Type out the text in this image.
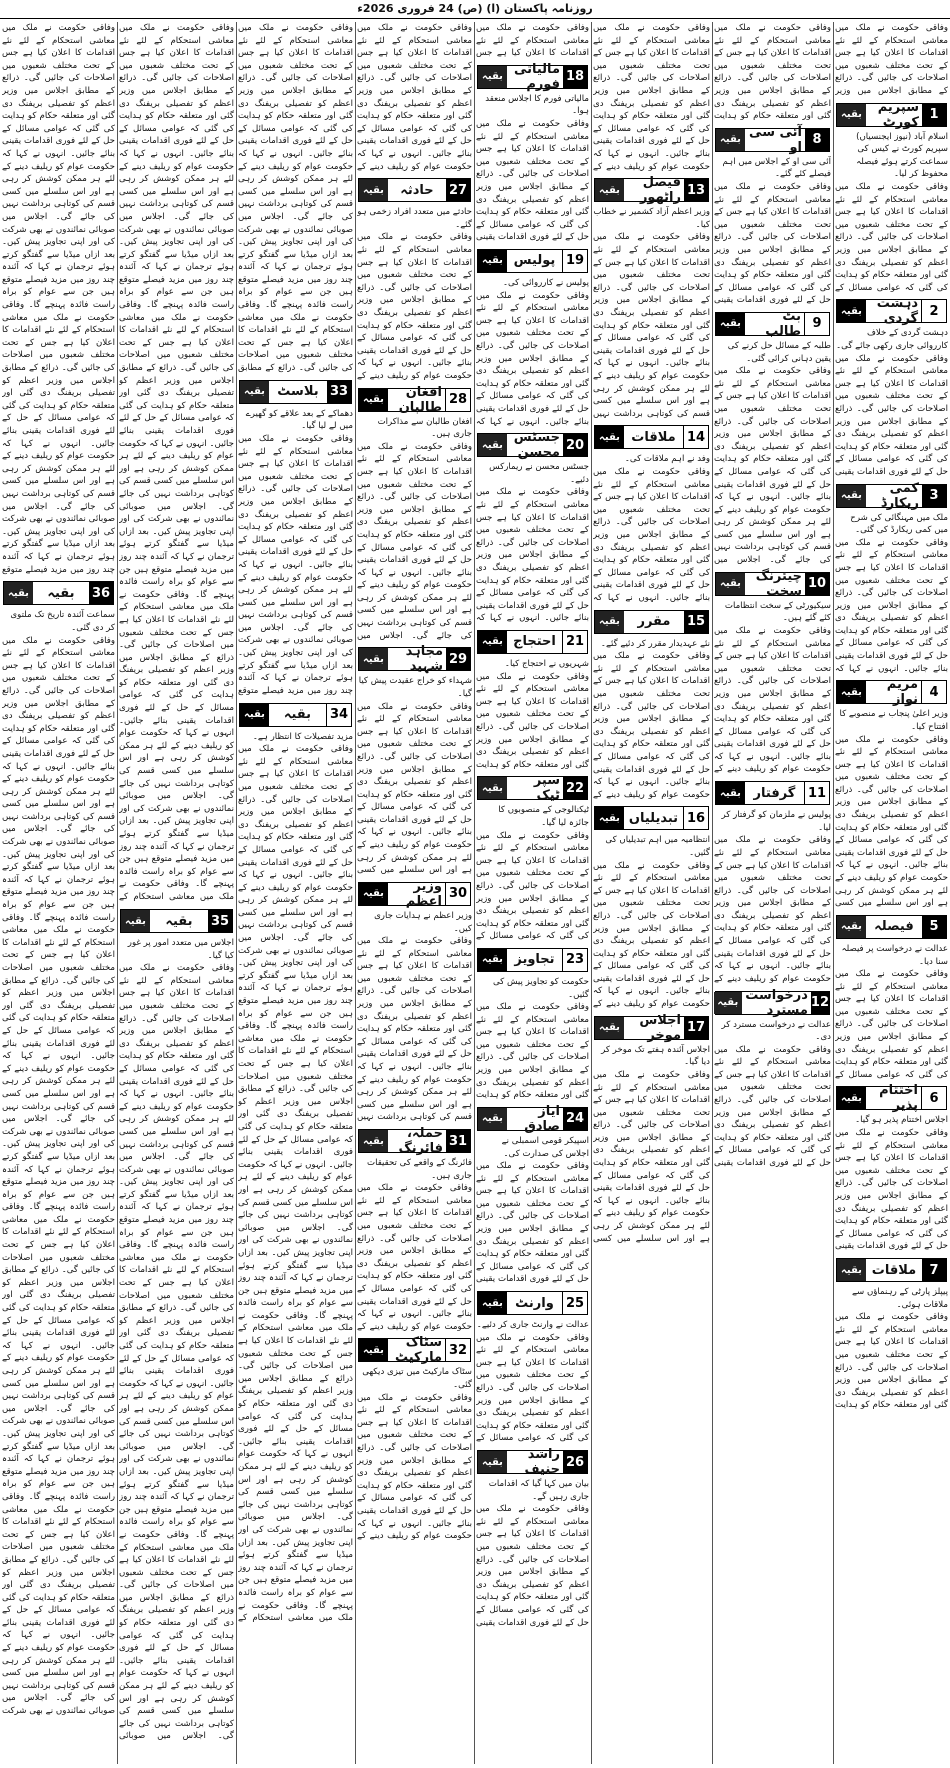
روزنامہ پاکستان (ا) (ص) 24 فروری 2026ء

وفاقی حکومت نے ملک میں معاشی استحکام کے لئے نئے اقدامات کا اعلان کیا ہے جس کے تحت مختلف شعبوں میں اصلاحات کی جائیں گی۔ ذرائع کے مطابق اجلاس میں وزیر

1
سپریم کورٹ
بقیہ

اسلام آباد (نیوز ایجنسیاں) سپریم کورٹ نے کیس کی سماعت کرتے ہوئے فیصلہ محفوظ کر لیا۔

وفاقی حکومت نے ملک میں معاشی استحکام کے لئے نئے اقدامات کا اعلان کیا ہے جس کے تحت مختلف شعبوں میں اصلاحات کی جائیں گی۔ ذرائع کے مطابق اجلاس میں وزیر اعظم کو تفصیلی بریفنگ دی گئی اور متعلقہ حکام کو ہدایت کی گئی کہ عوامی مسائل کے

2
دہشت گردی
بقیہ

دہشت گردی کے خلاف کارروائی جاری رکھی جائے گی۔

وفاقی حکومت نے ملک میں معاشی استحکام کے لئے نئے اقدامات کا اعلان کیا ہے جس کے تحت مختلف شعبوں میں اصلاحات کی جائیں گی۔ ذرائع کے مطابق اجلاس میں وزیر اعظم کو تفصیلی بریفنگ دی گئی اور متعلقہ حکام کو ہدایت کی گئی کہ عوامی مسائل کے حل کے لئے فوری اقدامات یقینی

3
کمی ریکارڈ
بقیہ

ملک میں مہنگائی کی شرح میں کمی ریکارڈ کی گئی۔

وفاقی حکومت نے ملک میں معاشی استحکام کے لئے نئے اقدامات کا اعلان کیا ہے جس کے تحت مختلف شعبوں میں اصلاحات کی جائیں گی۔ ذرائع کے مطابق اجلاس میں وزیر اعظم کو تفصیلی بریفنگ دی گئی اور متعلقہ حکام کو ہدایت کی گئی کہ عوامی مسائل کے حل کے لئے فوری اقدامات یقینی بنائے جائیں۔ انہوں نے کہا کہ

4
مریم نواز
بقیہ

وزیر اعلیٰ پنجاب نے منصوبے کا افتتاح کیا۔

وفاقی حکومت نے ملک میں معاشی استحکام کے لئے نئے اقدامات کا اعلان کیا ہے جس کے تحت مختلف شعبوں میں اصلاحات کی جائیں گی۔ ذرائع کے مطابق اجلاس میں وزیر اعظم کو تفصیلی بریفنگ دی گئی اور متعلقہ حکام کو ہدایت کی گئی کہ عوامی مسائل کے حل کے لئے فوری اقدامات یقینی بنائے جائیں۔ انہوں نے کہا کہ حکومت عوام کو ریلیف دینے کے لئے ہر ممکن کوشش کر رہی ہے اور اس سلسلے میں کسی

5
فیصلہ
بقیہ

عدالت نے درخواست پر فیصلہ سنا دیا۔

وفاقی حکومت نے ملک میں معاشی استحکام کے لئے نئے اقدامات کا اعلان کیا ہے جس کے تحت مختلف شعبوں میں اصلاحات کی جائیں گی۔ ذرائع کے مطابق اجلاس میں وزیر اعظم کو تفصیلی بریفنگ دی گئی اور متعلقہ حکام کو ہدایت کی گئی کہ عوامی مسائل کے

6
اختتام پذیر
بقیہ

اجلاس اختتام پذیر ہو گیا۔

وفاقی حکومت نے ملک میں معاشی استحکام کے لئے نئے اقدامات کا اعلان کیا ہے جس کے تحت مختلف شعبوں میں اصلاحات کی جائیں گی۔ ذرائع کے مطابق اجلاس میں وزیر اعظم کو تفصیلی بریفنگ دی گئی اور متعلقہ حکام کو ہدایت کی گئی کہ عوامی مسائل کے حل کے لئے فوری اقدامات یقینی

7
ملاقات
بقیہ

پیپلز پارٹی کے رہنماؤں سے ملاقات ہوئی۔

وفاقی حکومت نے ملک میں معاشی استحکام کے لئے نئے اقدامات کا اعلان کیا ہے جس کے تحت مختلف شعبوں میں اصلاحات کی جائیں گی۔ ذرائع کے مطابق اجلاس میں وزیر اعظم کو تفصیلی بریفنگ دی گئی اور متعلقہ حکام کو ہدایت

وفاقی حکومت نے ملک میں معاشی استحکام کے لئے نئے اقدامات کا اعلان کیا ہے جس کے تحت مختلف شعبوں میں اصلاحات کی جائیں گی۔ ذرائع کے مطابق اجلاس میں وزیر اعظم کو تفصیلی بریفنگ دی گئی اور متعلقہ حکام کو ہدایت

8
آئی سی او
بقیہ

آئی سی او کے اجلاس میں اہم فیصلے کئے گئے۔

وفاقی حکومت نے ملک میں معاشی استحکام کے لئے نئے اقدامات کا اعلان کیا ہے جس کے تحت مختلف شعبوں میں اصلاحات کی جائیں گی۔ ذرائع کے مطابق اجلاس میں وزیر اعظم کو تفصیلی بریفنگ دی گئی اور متعلقہ حکام کو ہدایت کی گئی کہ عوامی مسائل کے حل کے لئے فوری اقدامات یقینی

9
بٹ طالب
بقیہ

طلبہ کے مسائل حل کرنے کی یقین دہانی کرائی گئی۔

وفاقی حکومت نے ملک میں معاشی استحکام کے لئے نئے اقدامات کا اعلان کیا ہے جس کے تحت مختلف شعبوں میں اصلاحات کی جائیں گی۔ ذرائع کے مطابق اجلاس میں وزیر اعظم کو تفصیلی بریفنگ دی گئی اور متعلقہ حکام کو ہدایت کی گئی کہ عوامی مسائل کے حل کے لئے فوری اقدامات یقینی بنائے جائیں۔ انہوں نے کہا کہ حکومت عوام کو ریلیف دینے کے لئے ہر ممکن کوشش کر رہی ہے اور اس سلسلے میں کسی قسم کی کوتاہی برداشت نہیں کی جائے گی۔ اجلاس میں

10
چیئرنگ سخت
بقیہ

سیکیورٹی کے سخت انتظامات کئے گئے ہیں۔

وفاقی حکومت نے ملک میں معاشی استحکام کے لئے نئے اقدامات کا اعلان کیا ہے جس کے تحت مختلف شعبوں میں اصلاحات کی جائیں گی۔ ذرائع کے مطابق اجلاس میں وزیر اعظم کو تفصیلی بریفنگ دی گئی اور متعلقہ حکام کو ہدایت کی گئی کہ عوامی مسائل کے حل کے لئے فوری اقدامات یقینی بنائے جائیں۔ انہوں نے کہا کہ حکومت عوام کو ریلیف دینے کے

11
گرفتار
بقیہ

پولیس نے ملزمان کو گرفتار کر لیا۔

وفاقی حکومت نے ملک میں معاشی استحکام کے لئے نئے اقدامات کا اعلان کیا ہے جس کے تحت مختلف شعبوں میں اصلاحات کی جائیں گی۔ ذرائع کے مطابق اجلاس میں وزیر اعظم کو تفصیلی بریفنگ دی گئی اور متعلقہ حکام کو ہدایت کی گئی کہ عوامی مسائل کے حل کے لئے فوری اقدامات یقینی بنائے جائیں۔ انہوں نے کہا کہ حکومت عوام کو ریلیف دینے کے

12
درخواست مسترد
بقیہ

عدالت نے درخواست مسترد کر دی۔

وفاقی حکومت نے ملک میں معاشی استحکام کے لئے نئے اقدامات کا اعلان کیا ہے جس کے تحت مختلف شعبوں میں اصلاحات کی جائیں گی۔ ذرائع کے مطابق اجلاس میں وزیر اعظم کو تفصیلی بریفنگ دی گئی اور متعلقہ حکام کو ہدایت کی گئی کہ عوامی مسائل کے حل کے لئے فوری اقدامات یقینی

وفاقی حکومت نے ملک میں معاشی استحکام کے لئے نئے اقدامات کا اعلان کیا ہے جس کے تحت مختلف شعبوں میں اصلاحات کی جائیں گی۔ ذرائع کے مطابق اجلاس میں وزیر اعظم کو تفصیلی بریفنگ دی گئی اور متعلقہ حکام کو ہدایت کی گئی کہ عوامی مسائل کے حل کے لئے فوری اقدامات یقینی بنائے جائیں۔ انہوں نے کہا کہ حکومت عوام کو ریلیف دینے کے

13
فیصل راٹھور
بقیہ

وزیر اعظم آزاد کشمیر نے خطاب کیا۔

وفاقی حکومت نے ملک میں معاشی استحکام کے لئے نئے اقدامات کا اعلان کیا ہے جس کے تحت مختلف شعبوں میں اصلاحات کی جائیں گی۔ ذرائع کے مطابق اجلاس میں وزیر اعظم کو تفصیلی بریفنگ دی گئی اور متعلقہ حکام کو ہدایت کی گئی کہ عوامی مسائل کے حل کے لئے فوری اقدامات یقینی بنائے جائیں۔ انہوں نے کہا کہ حکومت عوام کو ریلیف دینے کے لئے ہر ممکن کوشش کر رہی ہے اور اس سلسلے میں کسی قسم کی کوتاہی برداشت نہیں

14
ملاقات
بقیہ

وفد نے اہم ملاقات کی۔

وفاقی حکومت نے ملک میں معاشی استحکام کے لئے نئے اقدامات کا اعلان کیا ہے جس کے تحت مختلف شعبوں میں اصلاحات کی جائیں گی۔ ذرائع کے مطابق اجلاس میں وزیر اعظم کو تفصیلی بریفنگ دی گئی اور متعلقہ حکام کو ہدایت کی گئی کہ عوامی مسائل کے حل کے لئے فوری اقدامات یقینی بنائے جائیں۔ انہوں نے کہا کہ

15
مقرر
بقیہ

نئے عہدیدار مقرر کر دئیے گئے۔

وفاقی حکومت نے ملک میں معاشی استحکام کے لئے نئے اقدامات کا اعلان کیا ہے جس کے تحت مختلف شعبوں میں اصلاحات کی جائیں گی۔ ذرائع کے مطابق اجلاس میں وزیر اعظم کو تفصیلی بریفنگ دی گئی اور متعلقہ حکام کو ہدایت کی گئی کہ عوامی مسائل کے حل کے لئے فوری اقدامات یقینی بنائے جائیں۔ انہوں نے کہا کہ حکومت عوام کو ریلیف دینے کے

16
تبدیلیاں
بقیہ

انتظامیہ میں اہم تبدیلیاں کی گئیں۔

وفاقی حکومت نے ملک میں معاشی استحکام کے لئے نئے اقدامات کا اعلان کیا ہے جس کے تحت مختلف شعبوں میں اصلاحات کی جائیں گی۔ ذرائع کے مطابق اجلاس میں وزیر اعظم کو تفصیلی بریفنگ دی گئی اور متعلقہ حکام کو ہدایت کی گئی کہ عوامی مسائل کے حل کے لئے فوری اقدامات یقینی بنائے جائیں۔ انہوں نے کہا کہ حکومت عوام کو ریلیف دینے کے

17
اجلاس موخر
بقیہ

اجلاس آئندہ ہفتے تک موخر کر دیا گیا۔

وفاقی حکومت نے ملک میں معاشی استحکام کے لئے نئے اقدامات کا اعلان کیا ہے جس کے تحت مختلف شعبوں میں اصلاحات کی جائیں گی۔ ذرائع کے مطابق اجلاس میں وزیر اعظم کو تفصیلی بریفنگ دی گئی اور متعلقہ حکام کو ہدایت کی گئی کہ عوامی مسائل کے حل کے لئے فوری اقدامات یقینی بنائے جائیں۔ انہوں نے کہا کہ حکومت عوام کو ریلیف دینے کے لئے ہر ممکن کوشش کر رہی ہے اور اس سلسلے میں کسی

وفاقی حکومت نے ملک میں معاشی استحکام کے لئے نئے اقدامات کا اعلان کیا ہے جس

18
مالیاتی فورم
بقیہ

مالیاتی فورم کا اجلاس منعقد ہوا۔

وفاقی حکومت نے ملک میں معاشی استحکام کے لئے نئے اقدامات کا اعلان کیا ہے جس کے تحت مختلف شعبوں میں اصلاحات کی جائیں گی۔ ذرائع کے مطابق اجلاس میں وزیر اعظم کو تفصیلی بریفنگ دی گئی اور متعلقہ حکام کو ہدایت کی گئی کہ عوامی مسائل کے حل کے لئے فوری اقدامات یقینی

19
پولیس
بقیہ

پولیس نے کارروائی کی۔

وفاقی حکومت نے ملک میں معاشی استحکام کے لئے نئے اقدامات کا اعلان کیا ہے جس کے تحت مختلف شعبوں میں اصلاحات کی جائیں گی۔ ذرائع کے مطابق اجلاس میں وزیر اعظم کو تفصیلی بریفنگ دی گئی اور متعلقہ حکام کو ہدایت کی گئی کہ عوامی مسائل کے حل کے لئے فوری اقدامات یقینی بنائے جائیں۔ انہوں نے کہا کہ

20
جسٹس محسن
بقیہ

جسٹس محسن نے ریمارکس دئیے۔

وفاقی حکومت نے ملک میں معاشی استحکام کے لئے نئے اقدامات کا اعلان کیا ہے جس کے تحت مختلف شعبوں میں اصلاحات کی جائیں گی۔ ذرائع کے مطابق اجلاس میں وزیر اعظم کو تفصیلی بریفنگ دی گئی اور متعلقہ حکام کو ہدایت کی گئی کہ عوامی مسائل کے حل کے لئے فوری اقدامات یقینی بنائے جائیں۔ انہوں نے کہا کہ

21
احتجاج
بقیہ

شہریوں نے احتجاج کیا۔

وفاقی حکومت نے ملک میں معاشی استحکام کے لئے نئے اقدامات کا اعلان کیا ہے جس کے تحت مختلف شعبوں میں اصلاحات کی جائیں گی۔ ذرائع کے مطابق اجلاس میں وزیر اعظم کو تفصیلی بریفنگ دی گئی اور متعلقہ حکام کو ہدایت

22
سپر ٹیک
بقیہ

ٹیکنالوجی کے منصوبوں کا جائزہ لیا گیا۔

وفاقی حکومت نے ملک میں معاشی استحکام کے لئے نئے اقدامات کا اعلان کیا ہے جس کے تحت مختلف شعبوں میں اصلاحات کی جائیں گی۔ ذرائع کے مطابق اجلاس میں وزیر اعظم کو تفصیلی بریفنگ دی گئی اور متعلقہ حکام کو ہدایت کی گئی کہ عوامی مسائل کے

23
تجاویز
بقیہ

حکومت کو تجاویز پیش کی گئیں۔

وفاقی حکومت نے ملک میں معاشی استحکام کے لئے نئے اقدامات کا اعلان کیا ہے جس کے تحت مختلف شعبوں میں اصلاحات کی جائیں گی۔ ذرائع کے مطابق اجلاس میں وزیر اعظم کو تفصیلی بریفنگ دی گئی اور متعلقہ حکام کو ہدایت

24
ایاز صادق
بقیہ

اسپیکر قومی اسمبلی نے اجلاس کی صدارت کی۔

وفاقی حکومت نے ملک میں معاشی استحکام کے لئے نئے اقدامات کا اعلان کیا ہے جس کے تحت مختلف شعبوں میں اصلاحات کی جائیں گی۔ ذرائع کے مطابق اجلاس میں وزیر اعظم کو تفصیلی بریفنگ دی گئی اور متعلقہ حکام کو ہدایت کی گئی کہ عوامی مسائل کے حل کے لئے فوری اقدامات یقینی

25
وارنٹ
بقیہ

عدالت نے وارنٹ جاری کر دئیے۔

وفاقی حکومت نے ملک میں معاشی استحکام کے لئے نئے اقدامات کا اعلان کیا ہے جس کے تحت مختلف شعبوں میں اصلاحات کی جائیں گی۔ ذرائع کے مطابق اجلاس میں وزیر اعظم کو تفصیلی بریفنگ دی گئی اور متعلقہ حکام کو ہدایت کی گئی کہ عوامی مسائل کے

26
راشد حنیف
بقیہ

بیان میں کہا گیا کہ اقدامات جاری رہیں گے۔

وفاقی حکومت نے ملک میں معاشی استحکام کے لئے نئے اقدامات کا اعلان کیا ہے جس کے تحت مختلف شعبوں میں اصلاحات کی جائیں گی۔ ذرائع کے مطابق اجلاس میں وزیر اعظم کو تفصیلی بریفنگ دی گئی اور متعلقہ حکام کو ہدایت کی گئی کہ عوامی مسائل کے حل کے لئے فوری اقدامات یقینی

وفاقی حکومت نے ملک میں معاشی استحکام کے لئے نئے اقدامات کا اعلان کیا ہے جس کے تحت مختلف شعبوں میں اصلاحات کی جائیں گی۔ ذرائع کے مطابق اجلاس میں وزیر اعظم کو تفصیلی بریفنگ دی گئی اور متعلقہ حکام کو ہدایت کی گئی کہ عوامی مسائل کے حل کے لئے فوری اقدامات یقینی بنائے جائیں۔ انہوں نے کہا کہ حکومت عوام کو ریلیف دینے کے

27
حادثہ
بقیہ

حادثے میں متعدد افراد زخمی ہو گئے۔

وفاقی حکومت نے ملک میں معاشی استحکام کے لئے نئے اقدامات کا اعلان کیا ہے جس کے تحت مختلف شعبوں میں اصلاحات کی جائیں گی۔ ذرائع کے مطابق اجلاس میں وزیر اعظم کو تفصیلی بریفنگ دی گئی اور متعلقہ حکام کو ہدایت کی گئی کہ عوامی مسائل کے حل کے لئے فوری اقدامات یقینی بنائے جائیں۔ انہوں نے کہا کہ حکومت عوام کو ریلیف دینے کے

28
افغان طالبان
بقیہ

افغان طالبان سے مذاکرات جاری ہیں۔

وفاقی حکومت نے ملک میں معاشی استحکام کے لئے نئے اقدامات کا اعلان کیا ہے جس کے تحت مختلف شعبوں میں اصلاحات کی جائیں گی۔ ذرائع کے مطابق اجلاس میں وزیر اعظم کو تفصیلی بریفنگ دی گئی اور متعلقہ حکام کو ہدایت کی گئی کہ عوامی مسائل کے حل کے لئے فوری اقدامات یقینی بنائے جائیں۔ انہوں نے کہا کہ حکومت عوام کو ریلیف دینے کے لئے ہر ممکن کوشش کر رہی ہے اور اس سلسلے میں کسی قسم کی کوتاہی برداشت نہیں کی جائے گی۔ اجلاس میں

29
مجاہد شہید
بقیہ

شہداء کو خراج عقیدت پیش کیا گیا۔

وفاقی حکومت نے ملک میں معاشی استحکام کے لئے نئے اقدامات کا اعلان کیا ہے جس کے تحت مختلف شعبوں میں اصلاحات کی جائیں گی۔ ذرائع کے مطابق اجلاس میں وزیر اعظم کو تفصیلی بریفنگ دی گئی اور متعلقہ حکام کو ہدایت کی گئی کہ عوامی مسائل کے حل کے لئے فوری اقدامات یقینی بنائے جائیں۔ انہوں نے کہا کہ حکومت عوام کو ریلیف دینے کے لئے ہر ممکن کوشش کر رہی ہے اور اس سلسلے میں کسی

30
وزیر اعظم
بقیہ

وزیر اعظم نے ہدایات جاری کیں۔

وفاقی حکومت نے ملک میں معاشی استحکام کے لئے نئے اقدامات کا اعلان کیا ہے جس کے تحت مختلف شعبوں میں اصلاحات کی جائیں گی۔ ذرائع کے مطابق اجلاس میں وزیر اعظم کو تفصیلی بریفنگ دی گئی اور متعلقہ حکام کو ہدایت کی گئی کہ عوامی مسائل کے حل کے لئے فوری اقدامات یقینی بنائے جائیں۔ انہوں نے کہا کہ حکومت عوام کو ریلیف دینے کے لئے ہر ممکن کوشش کر رہی ہے اور اس سلسلے میں کسی قسم کی کوتاہی برداشت نہیں

31
حملہ، فائرنگ
بقیہ

فائرنگ کے واقعے کی تحقیقات جاری ہیں۔

وفاقی حکومت نے ملک میں معاشی استحکام کے لئے نئے اقدامات کا اعلان کیا ہے جس کے تحت مختلف شعبوں میں اصلاحات کی جائیں گی۔ ذرائع کے مطابق اجلاس میں وزیر اعظم کو تفصیلی بریفنگ دی گئی اور متعلقہ حکام کو ہدایت کی گئی کہ عوامی مسائل کے حل کے لئے فوری اقدامات یقینی بنائے جائیں۔ انہوں نے کہا کہ حکومت عوام کو ریلیف دینے کے

32
سٹاک مارکیٹ
بقیہ

سٹاک مارکیٹ میں تیزی دیکھی گئی۔

وفاقی حکومت نے ملک میں معاشی استحکام کے لئے نئے اقدامات کا اعلان کیا ہے جس کے تحت مختلف شعبوں میں اصلاحات کی جائیں گی۔ ذرائع کے مطابق اجلاس میں وزیر اعظم کو تفصیلی بریفنگ دی گئی اور متعلقہ حکام کو ہدایت کی گئی کہ عوامی مسائل کے حل کے لئے فوری اقدامات یقینی بنائے جائیں۔ انہوں نے کہا کہ حکومت عوام کو ریلیف دینے کے

وفاقی حکومت نے ملک میں معاشی استحکام کے لئے نئے اقدامات کا اعلان کیا ہے جس کے تحت مختلف شعبوں میں اصلاحات کی جائیں گی۔ ذرائع کے مطابق اجلاس میں وزیر اعظم کو تفصیلی بریفنگ دی گئی اور متعلقہ حکام کو ہدایت کی گئی کہ عوامی مسائل کے حل کے لئے فوری اقدامات یقینی بنائے جائیں۔ انہوں نے کہا کہ حکومت عوام کو ریلیف دینے کے لئے ہر ممکن کوشش کر رہی ہے اور اس سلسلے میں کسی قسم کی کوتاہی برداشت نہیں کی جائے گی۔ اجلاس میں صوبائی نمائندوں نے بھی شرکت کی اور اپنی تجاویز پیش کیں۔ بعد ازاں میڈیا سے گفتگو کرتے ہوئے ترجمان نے کہا کہ آئندہ چند روز میں مزید فیصلے متوقع ہیں جن سے عوام کو براہ راست فائدہ پہنچے گا۔ وفاقی حکومت نے ملک میں معاشی استحکام کے لئے نئے اقدامات کا اعلان کیا ہے جس کے تحت مختلف شعبوں میں اصلاحات کی جائیں گی۔ ذرائع کے مطابق

33
بلاسٹ
بقیہ

دھماکے کے بعد علاقے کو گھیرے میں لے لیا گیا۔

وفاقی حکومت نے ملک میں معاشی استحکام کے لئے نئے اقدامات کا اعلان کیا ہے جس کے تحت مختلف شعبوں میں اصلاحات کی جائیں گی۔ ذرائع کے مطابق اجلاس میں وزیر اعظم کو تفصیلی بریفنگ دی گئی اور متعلقہ حکام کو ہدایت کی گئی کہ عوامی مسائل کے حل کے لئے فوری اقدامات یقینی بنائے جائیں۔ انہوں نے کہا کہ حکومت عوام کو ریلیف دینے کے لئے ہر ممکن کوشش کر رہی ہے اور اس سلسلے میں کسی قسم کی کوتاہی برداشت نہیں کی جائے گی۔ اجلاس میں صوبائی نمائندوں نے بھی شرکت کی اور اپنی تجاویز پیش کیں۔ بعد ازاں میڈیا سے گفتگو کرتے ہوئے ترجمان نے کہا کہ آئندہ چند روز میں مزید فیصلے متوقع

34
بقیہ
بقیہ

مزید تفصیلات کا انتظار ہے۔

وفاقی حکومت نے ملک میں معاشی استحکام کے لئے نئے اقدامات کا اعلان کیا ہے جس کے تحت مختلف شعبوں میں اصلاحات کی جائیں گی۔ ذرائع کے مطابق اجلاس میں وزیر اعظم کو تفصیلی بریفنگ دی گئی اور متعلقہ حکام کو ہدایت کی گئی کہ عوامی مسائل کے حل کے لئے فوری اقدامات یقینی بنائے جائیں۔ انہوں نے کہا کہ حکومت عوام کو ریلیف دینے کے لئے ہر ممکن کوشش کر رہی ہے اور اس سلسلے میں کسی قسم کی کوتاہی برداشت نہیں کی جائے گی۔ اجلاس میں صوبائی نمائندوں نے بھی شرکت کی اور اپنی تجاویز پیش کیں۔ بعد ازاں میڈیا سے گفتگو کرتے ہوئے ترجمان نے کہا کہ آئندہ چند روز میں مزید فیصلے متوقع ہیں جن سے عوام کو براہ راست فائدہ پہنچے گا۔ وفاقی حکومت نے ملک میں معاشی استحکام کے لئے نئے اقدامات کا اعلان کیا ہے جس کے تحت مختلف شعبوں میں اصلاحات کی جائیں گی۔ ذرائع کے مطابق اجلاس میں وزیر اعظم کو تفصیلی بریفنگ دی گئی اور متعلقہ حکام کو ہدایت کی گئی کہ عوامی مسائل کے حل کے لئے فوری اقدامات یقینی بنائے جائیں۔ انہوں نے کہا کہ حکومت عوام کو ریلیف دینے کے لئے ہر ممکن کوشش کر رہی ہے اور اس سلسلے میں کسی قسم کی کوتاہی برداشت نہیں کی جائے گی۔ اجلاس میں صوبائی نمائندوں نے بھی شرکت کی اور اپنی تجاویز پیش کیں۔ بعد ازاں میڈیا سے گفتگو کرتے ہوئے ترجمان نے کہا کہ آئندہ چند روز میں مزید فیصلے متوقع ہیں جن سے عوام کو براہ راست فائدہ پہنچے گا۔ وفاقی حکومت نے ملک میں معاشی استحکام کے لئے نئے اقدامات کا اعلان کیا ہے جس کے تحت مختلف شعبوں میں اصلاحات کی جائیں گی۔ ذرائع کے مطابق اجلاس میں وزیر اعظم کو تفصیلی بریفنگ دی گئی اور متعلقہ حکام کو ہدایت کی گئی کہ عوامی مسائل کے حل کے لئے فوری اقدامات یقینی بنائے جائیں۔ انہوں نے کہا کہ حکومت عوام کو ریلیف دینے کے لئے ہر ممکن کوشش کر رہی ہے اور اس سلسلے میں کسی قسم کی کوتاہی برداشت نہیں کی جائے گی۔ اجلاس میں صوبائی نمائندوں نے بھی شرکت کی اور اپنی تجاویز پیش کیں۔ بعد ازاں میڈیا سے گفتگو کرتے ہوئے ترجمان نے کہا کہ آئندہ چند روز میں مزید فیصلے متوقع ہیں جن سے عوام کو براہ راست فائدہ پہنچے گا۔ وفاقی حکومت نے ملک میں معاشی استحکام کے

وفاقی حکومت نے ملک میں معاشی استحکام کے لئے نئے اقدامات کا اعلان کیا ہے جس کے تحت مختلف شعبوں میں اصلاحات کی جائیں گی۔ ذرائع کے مطابق اجلاس میں وزیر اعظم کو تفصیلی بریفنگ دی گئی اور متعلقہ حکام کو ہدایت کی گئی کہ عوامی مسائل کے حل کے لئے فوری اقدامات یقینی بنائے جائیں۔ انہوں نے کہا کہ حکومت عوام کو ریلیف دینے کے لئے ہر ممکن کوشش کر رہی ہے اور اس سلسلے میں کسی قسم کی کوتاہی برداشت نہیں کی جائے گی۔ اجلاس میں صوبائی نمائندوں نے بھی شرکت کی اور اپنی تجاویز پیش کیں۔ بعد ازاں میڈیا سے گفتگو کرتے ہوئے ترجمان نے کہا کہ آئندہ چند روز میں مزید فیصلے متوقع ہیں جن سے عوام کو براہ راست فائدہ پہنچے گا۔ وفاقی حکومت نے ملک میں معاشی استحکام کے لئے نئے اقدامات کا اعلان کیا ہے جس کے تحت مختلف شعبوں میں اصلاحات کی جائیں گی۔ ذرائع کے مطابق اجلاس میں وزیر اعظم کو تفصیلی بریفنگ دی گئی اور متعلقہ حکام کو ہدایت کی گئی کہ عوامی مسائل کے حل کے لئے فوری اقدامات یقینی بنائے جائیں۔ انہوں نے کہا کہ حکومت عوام کو ریلیف دینے کے لئے ہر ممکن کوشش کر رہی ہے اور اس سلسلے میں کسی قسم کی کوتاہی برداشت نہیں کی جائے گی۔ اجلاس میں صوبائی نمائندوں نے بھی شرکت کی اور اپنی تجاویز پیش کیں۔ بعد ازاں میڈیا سے گفتگو کرتے ہوئے ترجمان نے کہا کہ آئندہ چند روز میں مزید فیصلے متوقع ہیں جن سے عوام کو براہ راست فائدہ پہنچے گا۔ وفاقی حکومت نے ملک میں معاشی استحکام کے لئے نئے اقدامات کا اعلان کیا ہے جس کے تحت مختلف شعبوں میں اصلاحات کی جائیں گی۔ ذرائع کے مطابق اجلاس میں وزیر اعظم کو تفصیلی بریفنگ دی گئی اور متعلقہ حکام کو ہدایت کی گئی کہ عوامی مسائل کے حل کے لئے فوری اقدامات یقینی بنائے جائیں۔ انہوں نے کہا کہ حکومت عوام کو ریلیف دینے کے لئے ہر ممکن کوشش کر رہی ہے اور اس سلسلے میں کسی قسم کی کوتاہی برداشت نہیں کی جائے گی۔ اجلاس میں صوبائی نمائندوں نے بھی شرکت کی اور اپنی تجاویز پیش کیں۔ بعد ازاں میڈیا سے گفتگو کرتے ہوئے ترجمان نے کہا کہ آئندہ چند روز میں مزید فیصلے متوقع ہیں جن سے عوام کو براہ راست فائدہ پہنچے گا۔ وفاقی حکومت نے ملک میں معاشی استحکام کے

35
بقیہ
بقیہ

اجلاس میں متعدد امور پر غور کیا گیا۔

وفاقی حکومت نے ملک میں معاشی استحکام کے لئے نئے اقدامات کا اعلان کیا ہے جس کے تحت مختلف شعبوں میں اصلاحات کی جائیں گی۔ ذرائع کے مطابق اجلاس میں وزیر اعظم کو تفصیلی بریفنگ دی گئی اور متعلقہ حکام کو ہدایت کی گئی کہ عوامی مسائل کے حل کے لئے فوری اقدامات یقینی بنائے جائیں۔ انہوں نے کہا کہ حکومت عوام کو ریلیف دینے کے لئے ہر ممکن کوشش کر رہی ہے اور اس سلسلے میں کسی قسم کی کوتاہی برداشت نہیں کی جائے گی۔ اجلاس میں صوبائی نمائندوں نے بھی شرکت کی اور اپنی تجاویز پیش کیں۔ بعد ازاں میڈیا سے گفتگو کرتے ہوئے ترجمان نے کہا کہ آئندہ چند روز میں مزید فیصلے متوقع ہیں جن سے عوام کو براہ راست فائدہ پہنچے گا۔ وفاقی حکومت نے ملک میں معاشی استحکام کے لئے نئے اقدامات کا اعلان کیا ہے جس کے تحت مختلف شعبوں میں اصلاحات کی جائیں گی۔ ذرائع کے مطابق اجلاس میں وزیر اعظم کو تفصیلی بریفنگ دی گئی اور متعلقہ حکام کو ہدایت کی گئی کہ عوامی مسائل کے حل کے لئے فوری اقدامات یقینی بنائے جائیں۔ انہوں نے کہا کہ حکومت عوام کو ریلیف دینے کے لئے ہر ممکن کوشش کر رہی ہے اور اس سلسلے میں کسی قسم کی کوتاہی برداشت نہیں کی جائے گی۔ اجلاس میں صوبائی نمائندوں نے بھی شرکت کی اور اپنی تجاویز پیش کیں۔ بعد ازاں میڈیا سے گفتگو کرتے ہوئے ترجمان نے کہا کہ آئندہ چند روز میں مزید فیصلے متوقع ہیں جن سے عوام کو براہ راست فائدہ پہنچے گا۔ وفاقی حکومت نے ملک میں معاشی استحکام کے لئے نئے اقدامات کا اعلان کیا ہے جس کے تحت مختلف شعبوں میں اصلاحات کی جائیں گی۔ ذرائع کے مطابق اجلاس میں وزیر اعظم کو تفصیلی بریفنگ دی گئی اور متعلقہ حکام کو ہدایت کی گئی کہ عوامی مسائل کے حل کے لئے فوری اقدامات یقینی بنائے جائیں۔ انہوں نے کہا کہ حکومت عوام کو ریلیف دینے کے لئے ہر ممکن کوشش کر رہی ہے اور اس سلسلے میں کسی قسم کی کوتاہی برداشت نہیں کی جائے گی۔ اجلاس میں صوبائی

وفاقی حکومت نے ملک میں معاشی استحکام کے لئے نئے اقدامات کا اعلان کیا ہے جس کے تحت مختلف شعبوں میں اصلاحات کی جائیں گی۔ ذرائع کے مطابق اجلاس میں وزیر اعظم کو تفصیلی بریفنگ دی گئی اور متعلقہ حکام کو ہدایت کی گئی کہ عوامی مسائل کے حل کے لئے فوری اقدامات یقینی بنائے جائیں۔ انہوں نے کہا کہ حکومت عوام کو ریلیف دینے کے لئے ہر ممکن کوشش کر رہی ہے اور اس سلسلے میں کسی قسم کی کوتاہی برداشت نہیں کی جائے گی۔ اجلاس میں صوبائی نمائندوں نے بھی شرکت کی اور اپنی تجاویز پیش کیں۔ بعد ازاں میڈیا سے گفتگو کرتے ہوئے ترجمان نے کہا کہ آئندہ چند روز میں مزید فیصلے متوقع ہیں جن سے عوام کو براہ راست فائدہ پہنچے گا۔ وفاقی حکومت نے ملک میں معاشی استحکام کے لئے نئے اقدامات کا اعلان کیا ہے جس کے تحت مختلف شعبوں میں اصلاحات کی جائیں گی۔ ذرائع کے مطابق اجلاس میں وزیر اعظم کو تفصیلی بریفنگ دی گئی اور متعلقہ حکام کو ہدایت کی گئی کہ عوامی مسائل کے حل کے لئے فوری اقدامات یقینی بنائے جائیں۔ انہوں نے کہا کہ حکومت عوام کو ریلیف دینے کے لئے ہر ممکن کوشش کر رہی ہے اور اس سلسلے میں کسی قسم کی کوتاہی برداشت نہیں کی جائے گی۔ اجلاس میں صوبائی نمائندوں نے بھی شرکت کی اور اپنی تجاویز پیش کیں۔ بعد ازاں میڈیا سے گفتگو کرتے ہوئے ترجمان نے کہا کہ آئندہ چند روز میں مزید فیصلے متوقع

36
بقیہ
بقیہ

سماعت آئندہ تاریخ تک ملتوی کر دی گئی۔

وفاقی حکومت نے ملک میں معاشی استحکام کے لئے نئے اقدامات کا اعلان کیا ہے جس کے تحت مختلف شعبوں میں اصلاحات کی جائیں گی۔ ذرائع کے مطابق اجلاس میں وزیر اعظم کو تفصیلی بریفنگ دی گئی اور متعلقہ حکام کو ہدایت کی گئی کہ عوامی مسائل کے حل کے لئے فوری اقدامات یقینی بنائے جائیں۔ انہوں نے کہا کہ حکومت عوام کو ریلیف دینے کے لئے ہر ممکن کوشش کر رہی ہے اور اس سلسلے میں کسی قسم کی کوتاہی برداشت نہیں کی جائے گی۔ اجلاس میں صوبائی نمائندوں نے بھی شرکت کی اور اپنی تجاویز پیش کیں۔ بعد ازاں میڈیا سے گفتگو کرتے ہوئے ترجمان نے کہا کہ آئندہ چند روز میں مزید فیصلے متوقع ہیں جن سے عوام کو براہ راست فائدہ پہنچے گا۔ وفاقی حکومت نے ملک میں معاشی استحکام کے لئے نئے اقدامات کا اعلان کیا ہے جس کے تحت مختلف شعبوں میں اصلاحات کی جائیں گی۔ ذرائع کے مطابق اجلاس میں وزیر اعظم کو تفصیلی بریفنگ دی گئی اور متعلقہ حکام کو ہدایت کی گئی کہ عوامی مسائل کے حل کے لئے فوری اقدامات یقینی بنائے جائیں۔ انہوں نے کہا کہ حکومت عوام کو ریلیف دینے کے لئے ہر ممکن کوشش کر رہی ہے اور اس سلسلے میں کسی قسم کی کوتاہی برداشت نہیں کی جائے گی۔ اجلاس میں صوبائی نمائندوں نے بھی شرکت کی اور اپنی تجاویز پیش کیں۔ بعد ازاں میڈیا سے گفتگو کرتے ہوئے ترجمان نے کہا کہ آئندہ چند روز میں مزید فیصلے متوقع ہیں جن سے عوام کو براہ راست فائدہ پہنچے گا۔ وفاقی حکومت نے ملک میں معاشی استحکام کے لئے نئے اقدامات کا اعلان کیا ہے جس کے تحت مختلف شعبوں میں اصلاحات کی جائیں گی۔ ذرائع کے مطابق اجلاس میں وزیر اعظم کو تفصیلی بریفنگ دی گئی اور متعلقہ حکام کو ہدایت کی گئی کہ عوامی مسائل کے حل کے لئے فوری اقدامات یقینی بنائے جائیں۔ انہوں نے کہا کہ حکومت عوام کو ریلیف دینے کے لئے ہر ممکن کوشش کر رہی ہے اور اس سلسلے میں کسی قسم کی کوتاہی برداشت نہیں کی جائے گی۔ اجلاس میں صوبائی نمائندوں نے بھی شرکت کی اور اپنی تجاویز پیش کیں۔ بعد ازاں میڈیا سے گفتگو کرتے ہوئے ترجمان نے کہا کہ آئندہ چند روز میں مزید فیصلے متوقع ہیں جن سے عوام کو براہ راست فائدہ پہنچے گا۔ وفاقی حکومت نے ملک میں معاشی استحکام کے لئے نئے اقدامات کا اعلان کیا ہے جس کے تحت مختلف شعبوں میں اصلاحات کی جائیں گی۔ ذرائع کے مطابق اجلاس میں وزیر اعظم کو تفصیلی بریفنگ دی گئی اور متعلقہ حکام کو ہدایت کی گئی کہ عوامی مسائل کے حل کے لئے فوری اقدامات یقینی بنائے جائیں۔ انہوں نے کہا کہ حکومت عوام کو ریلیف دینے کے لئے ہر ممکن کوشش کر رہی ہے اور اس سلسلے میں کسی قسم کی کوتاہی برداشت نہیں کی جائے گی۔ اجلاس میں صوبائی نمائندوں نے بھی شرکت
